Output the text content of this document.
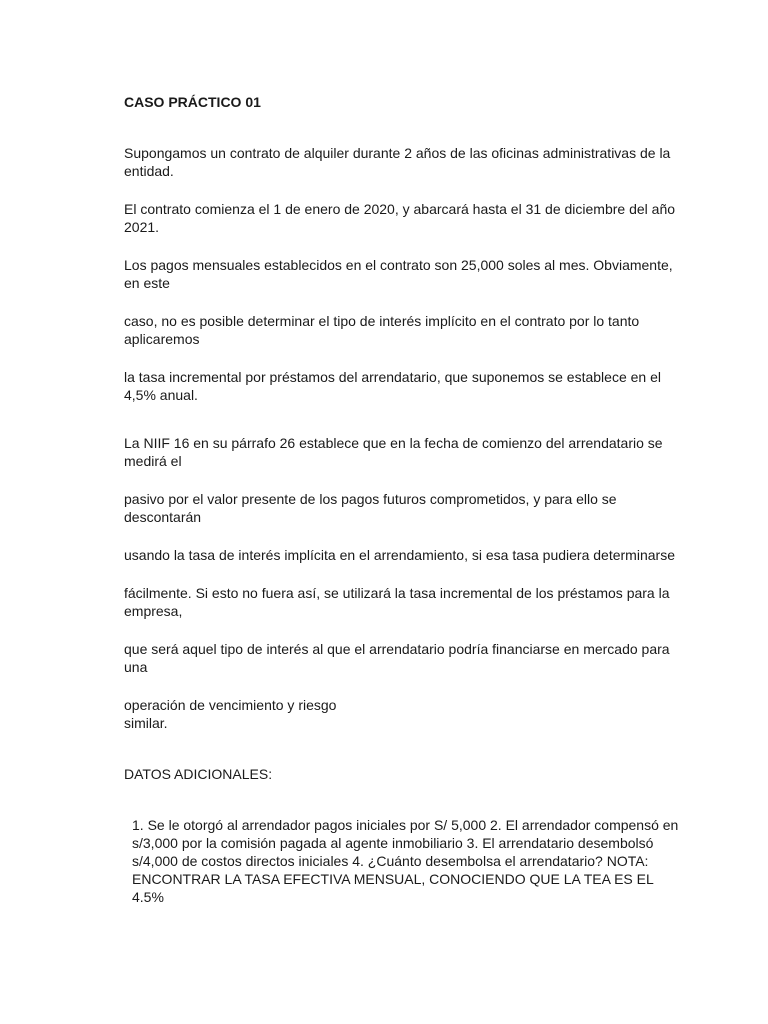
CASO PRÁCTICO 01
Supongamos un contrato de alquiler durante 2 años de las oficinas administrativas de la
entidad.
El contrato comienza el 1 de enero de 2020, y abarcará hasta el 31 de diciembre del año
2021.
Los pagos mensuales establecidos en el contrato son 25,000 soles al mes. Obviamente,
en este
caso, no es posible determinar el tipo de interés implícito en el contrato por lo tanto
aplicaremos
la tasa incremental por préstamos del arrendatario, que suponemos se establece en el
4,5% anual.
La NIIF 16 en su párrafo 26 establece que en la fecha de comienzo del arrendatario se
medirá el
pasivo por el valor presente de los pagos futuros comprometidos, y para ello se
descontarán
usando la tasa de interés implícita en el arrendamiento, si esa tasa pudiera determinarse
fácilmente. Si esto no fuera así, se utilizará la tasa incremental de los préstamos para la
empresa,
que será aquel tipo de interés al que el arrendatario podría financiarse en mercado para
una
operación de vencimiento y riesgo
similar.
DATOS ADICIONALES:
1. Se le otorgó al arrendador pagos iniciales por S/ 5,000 2. El arrendador compensó en
s/3,000 por la comisión pagada al agente inmobiliario 3. El arrendatario desembolsó
s/4,000 de costos directos iniciales 4. ¿Cuánto desembolsa el arrendatario? NOTA:
ENCONTRAR LA TASA EFECTIVA MENSUAL, CONOCIENDO QUE LA TEA ES EL
4.5%
